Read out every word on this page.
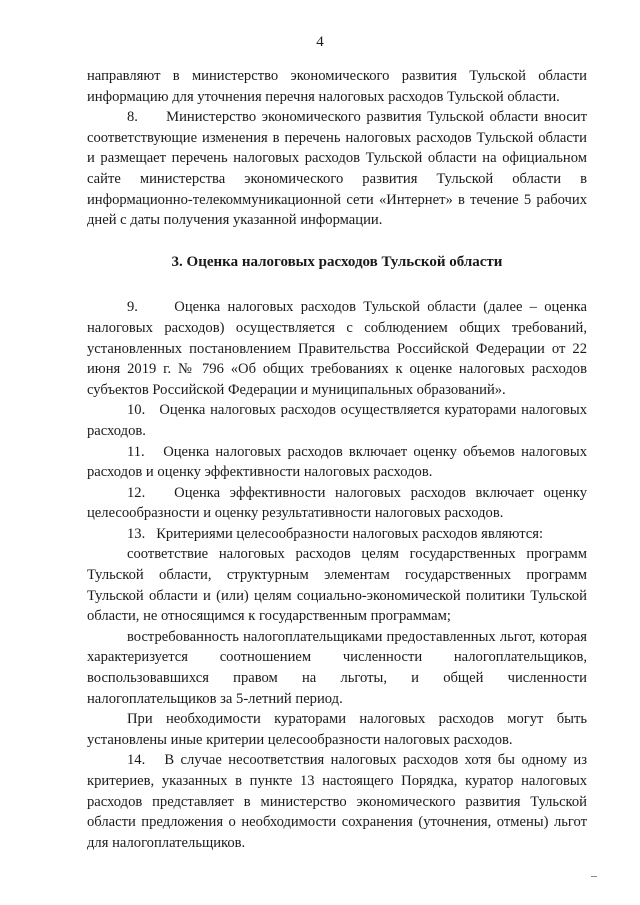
4

направляют в министерство экономического развития Тульской области информацию для уточнения перечня налоговых расходов Тульской области.

8.     Министерство экономического развития Тульской области вносит соответствующие изменения в перечень налоговых расходов Тульской области и размещает перечень налоговых расходов Тульской области на официальном сайте министерства экономического развития Тульской области в информационно-телекоммуникационной сети «Интернет» в течение 5 рабочих дней с даты получения указанной информации.

3. Оценка налоговых расходов Тульской области

9.     Оценка налоговых расходов Тульской области (далее – оценка налоговых расходов) осуществляется с соблюдением общих требований, установленных постановлением Правительства Российской Федерации от 22 июня 2019 г. № 796 «Об общих требованиях к оценке налоговых расходов субъектов Российской Федерации и муниципальных образований».

10.   Оценка налоговых расходов осуществляется кураторами налоговых расходов.

11.   Оценка налоговых расходов включает оценку объемов налоговых расходов и оценку эффективности налоговых расходов.

12.   Оценка эффективности налоговых расходов включает оценку целесообразности и оценку результативности налоговых расходов.

13.   Критериями целесообразности налоговых расходов являются:

соответствие налоговых расходов целям государственных программ Тульской области, структурным элементам государственных программ Тульской области и (или) целям социально-экономической политики Тульской области, не относящимся к государственным программам;

востребованность налогоплательщиками предоставленных льгот, которая характеризуется соотношением численности налогоплательщиков, воспользовавшихся правом на льготы, и общей численности налогоплательщиков за 5-летний период.

При необходимости кураторами налоговых расходов могут быть установлены иные критерии целесообразности налоговых расходов.

14.   В случае несоответствия налоговых расходов хотя бы одному из критериев, указанных в пункте 13 настоящего Порядка, куратор налоговых расходов представляет в министерство экономического развития Тульской области предложения о необходимости сохранения (уточнения, отмены) льгот для налогоплательщиков.
